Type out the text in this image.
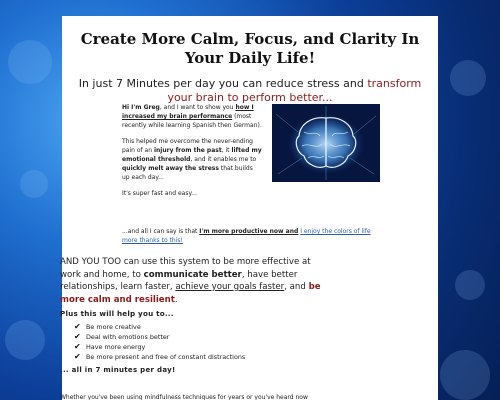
Create More Calm, Focus, and Clarity In Your Daily Life!

In just 7 Minutes per day you can reduce stress and transform your brain to perform better...

Hi I'm Greg, and I want to show you how I increased my brain performance (most recently while learning Spanish then German).

This helped me overcome the never-ending pain of an injury from the past, it lifted my emotional threshold, and it enables me to quickly melt away the stress that builds up each day...

It's super fast and easy...

...and all I can say is that I'm more productive now and I enjoy the colors of life more thanks to this!

AND YOU TOO can use this system to be more effective at work and home, to communicate better, have better relationships, learn faster, achieve your goals faster, and be more calm and resilient.
Plus this will help you to...
✔ Be more creative
✔ Deal with emotions better
✔ Have more energy
✔ Be more present and free of constant distractions
... all in 7 minutes per day!
Whether you've been using mindfulness techniques for years or you've heard now
